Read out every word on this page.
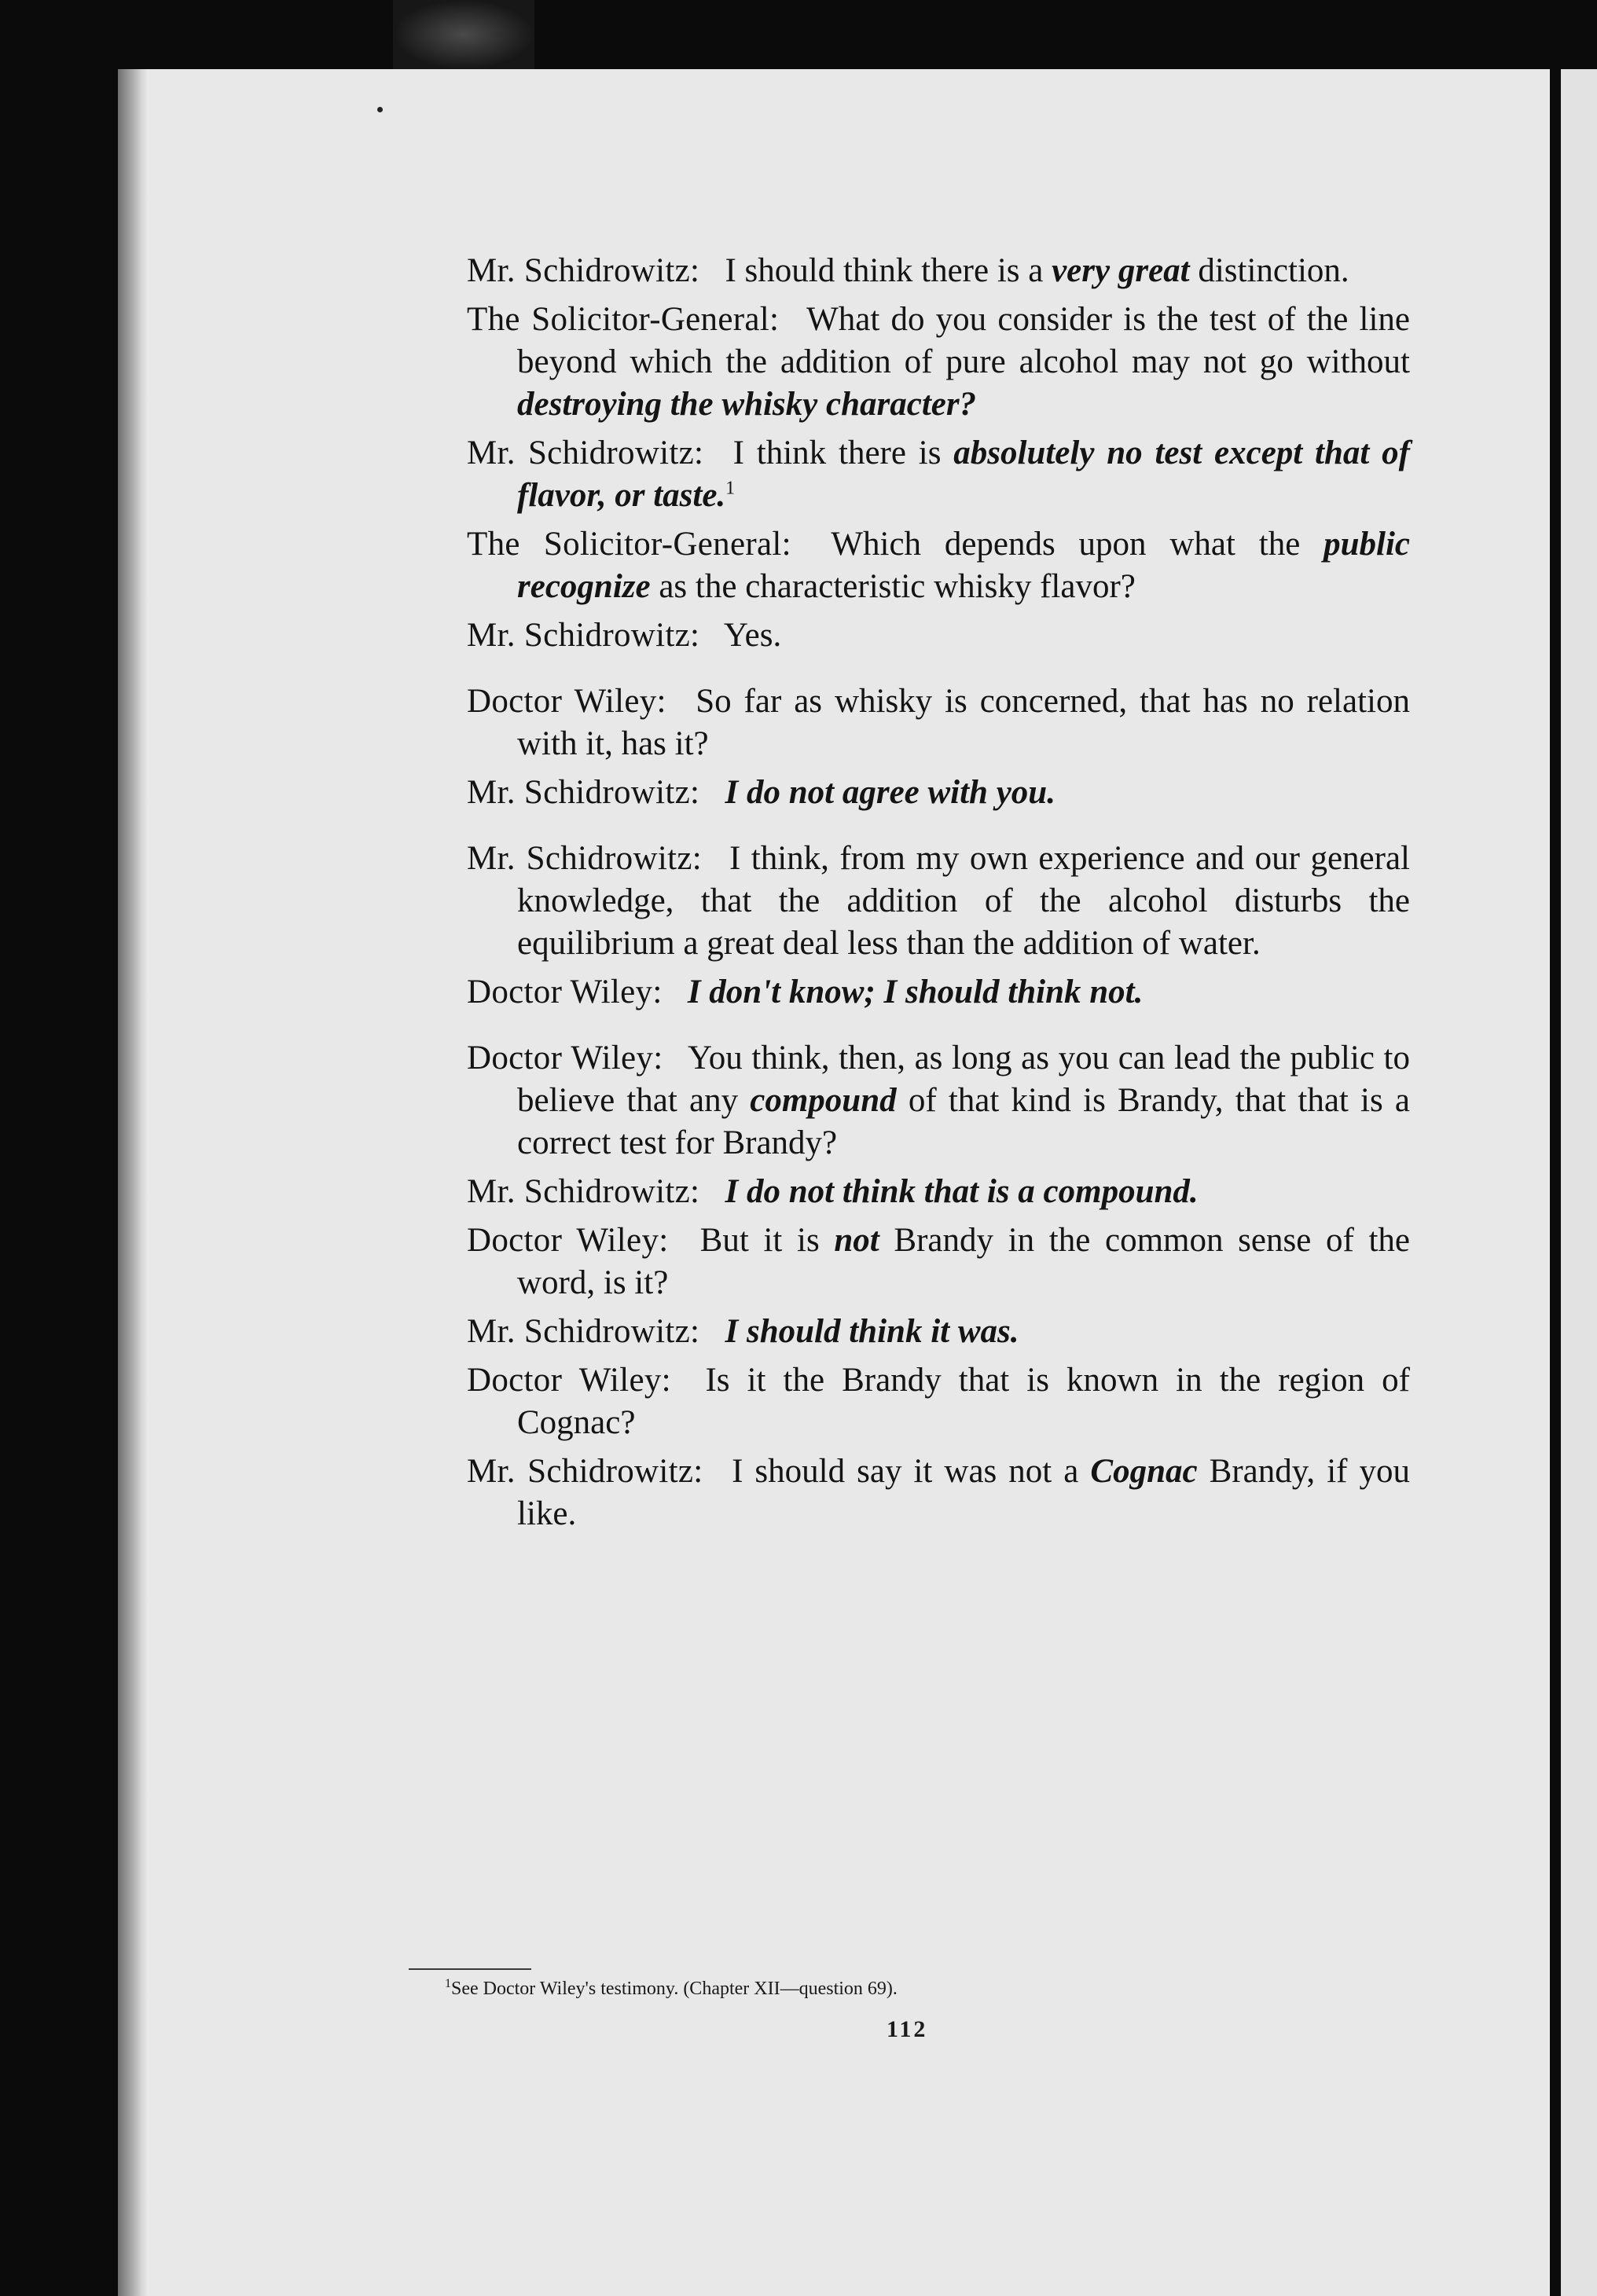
Mr. Schidrowitz:  I should think there is a very great distinction.

The Solicitor-General:  What do you consider is the test of the line beyond which the addition of pure alcohol may not go without destroying the whisky character?

Mr. Schidrowitz:  I think there is absolutely no test except that of flavor, or taste.$^1$

The Solicitor-General:  Which depends upon what the public recognize as the characteristic whisky flavor?

Mr. Schidrowitz:  Yes.

Doctor Wiley:  So far as whisky is concerned, that has no relation with it, has it?

Mr. Schidrowitz:  I do not agree with you.

Mr. Schidrowitz:  I think, from my own experience and our general knowledge, that the addition of the alcohol disturbs the equilibrium a great deal less than the addition of water.

Doctor Wiley:  I don't know; I should think not.

Doctor Wiley:  You think, then, as long as you can lead the public to believe that any compound of that kind is Brandy, that that is a correct test for Brandy?

Mr. Schidrowitz:  I do not think that is a compound.

Doctor Wiley:  But it is not Brandy in the common sense of the word, is it?

Mr. Schidrowitz:  I should think it was.

Doctor Wiley:  Is it the Brandy that is known in the region of Cognac?

Mr. Schidrowitz:  I should say it was not a Cognac Brandy, if you like.

$^1$See Doctor Wiley's testimony. (Chapter XII—question 69).
112
